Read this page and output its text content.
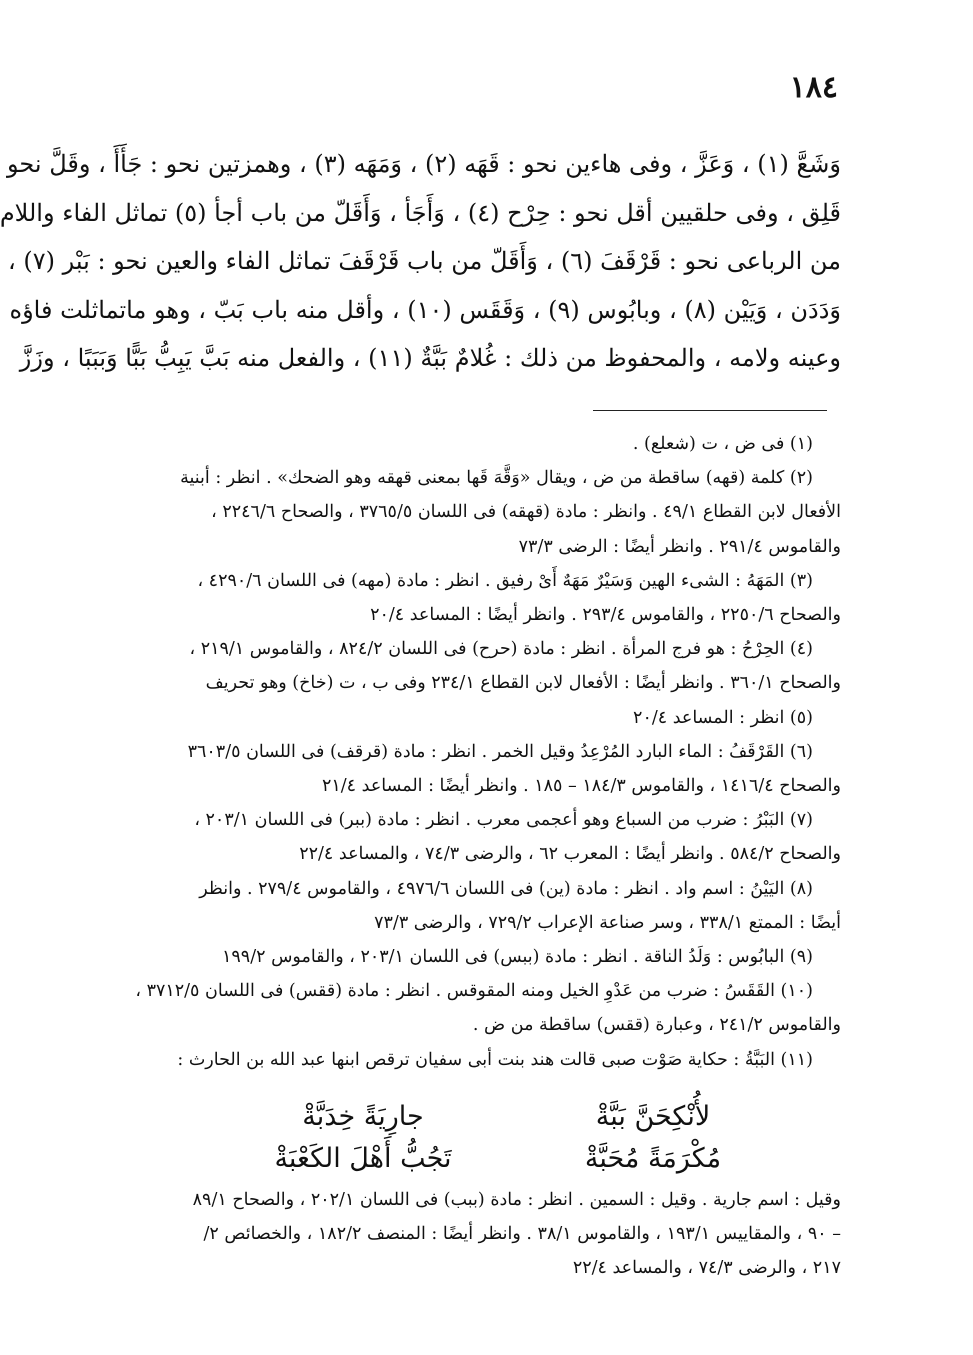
١٨٤
وَشَعَّ (١) ، وَعَزَّ ، وفى هاءين نحو : قَهَه (٢) ، وَمَهَه (٣) ، وهمزتين نحو : جَأَأَ ، وقَلَّ نحو
قَلِق ، وفى حلقيين أقل نحو : حِرْح (٤) ، وَأَجَأ ، وَأَقَلّ من باب أجأ (٥) تماثل الفاء واللام
من الرباعى نحو : قَرْقَفَ (٦) ، وَأَقَلّ من باب قَرْقَفَ تماثل الفاء والعين نحو : بَبْر (٧) ،
وَدَدَن ، وَيَيْن (٨) ، وبابُوس (٩) ، وَقَقَس (١٠) ، وأقل منه باب بَبّ ، وهو ماتماثلت فاؤه
وعينه ولامه ، والمحفوظ من ذلك : غُلامٌ بَبَّةٌ (١١) ، والفعل منه بَبَّ يَبِبُّ بَبًّا وَبَبَبًا ، وزَزَّ
(١) فى ض ، ت (شعلع) .
(٢) كلمة (قهه) ساقطة من ض ، ويقال «وَقَّهَ قَها بمعنى قهقه وهو الضحك» . انظر : أبنية
الأفعال لابن القطاع ٤٩/١ . وانظر : مادة (قهقه) فى اللسان ٣٧٦٥/٥ ، والصحاح ٢٢٤٦/٦ ،
والقاموس ٢٩١/٤ . وانظر أيضًا : الرضى ٧٣/٣
(٣) المَهَهُ : الشىء الهين وَسَيْرٌ مَهَهٌ أَىْ رفيق . انظر : مادة (مهه) فى اللسان ٤٢٩٠/٦ ،
والصحاح ٢٢٥٠/٦ ، والقاموس ٢٩٣/٤ . وانظر أيضًا : المساعد ٢٠/٤
(٤) الحِرْحُ : هو فرج المرأة . انظر : مادة (حرح) فى اللسان ٨٢٤/٢ ، والقاموس ٢١٩/١ ،
والصحاح ٣٦٠/١ . وانظر أيضًا : الأفعال لابن القطاع ٢٣٤/١ وفى ب ، ت (خاخ) وهو تحريف
(٥) انظر : المساعد ٢٠/٤
(٦) القَرْقَفُ : الماء البارد المُرْعِدُ وقيل الخمر . انظر : مادة (قرقف) فى اللسان ٣٦٠٣/٥
والصحاح ١٤١٦/٤ ، والقاموس ١٨٤/٣ – ١٨٥ . وانظر أيضًا : المساعد ٢١/٤
(٧) البَبْرُ : ضرب من السباع وهو أعجمى معرب . انظر : مادة (ببر) فى اللسان ٢٠٣/١ ،
والصحاح ٥٨٤/٢ . وانظر أيضًا : المعرب ٦٢ ، والرضى ٧٤/٣ ، والمساعد ٢٢/٤
(٨) اليَيْنُ : اسم واد . انظر : مادة (ين) فى اللسان ٤٩٧٦/٦ ، والقاموس ٢٧٩/٤ . وانظر
أيضًا : الممتع ٣٣٨/١ ، وسر صناعة الإعراب ٧٢٩/٢ ، والرضى ٧٣/٣
(٩) البابُوس : وَلَدُ الناقة . انظر : مادة (ببس) فى اللسان ٢٠٣/١ ، والقاموس ١٩٩/٢
(١٠) القَقَسُ : ضرب من عَدْوِ الخيل ومنه المقوقس . انظر : مادة (ققس) فى اللسان ٣٧١٢/٥ ،
والقاموس ٢٤١/٢ ، وعبارة (ققس) ساقطة من ض .
(١١) البَبَّةُ : حكاية صَوْت صبى قالت هند بنت أبى سفيان ترقص ابنها عبد الله بن الحارث :
لأُنْكِحَنَّ بَبَّةْ
جارِيَةً خِدَبَّةْ
مُكْرَمَةً مُحَبَّةْ
تَجُبُّ أَهْلَ الكَعْبَةْ
وقيل : اسم جارية . وقيل : السمين . انظر : مادة (ببب) فى اللسان ٢٠٢/١ ، والصحاح ٨٩/١
– ٩٠ ، والمقاييس ١٩٣/١ ، والقاموس ٣٨/١ . وانظر أيضًا : المنصف ١٨٢/٢ ، والخصائص ٢/
٢١٧ ، والرضى ٧٤/٣ ، والمساعد ٢٢/٤
